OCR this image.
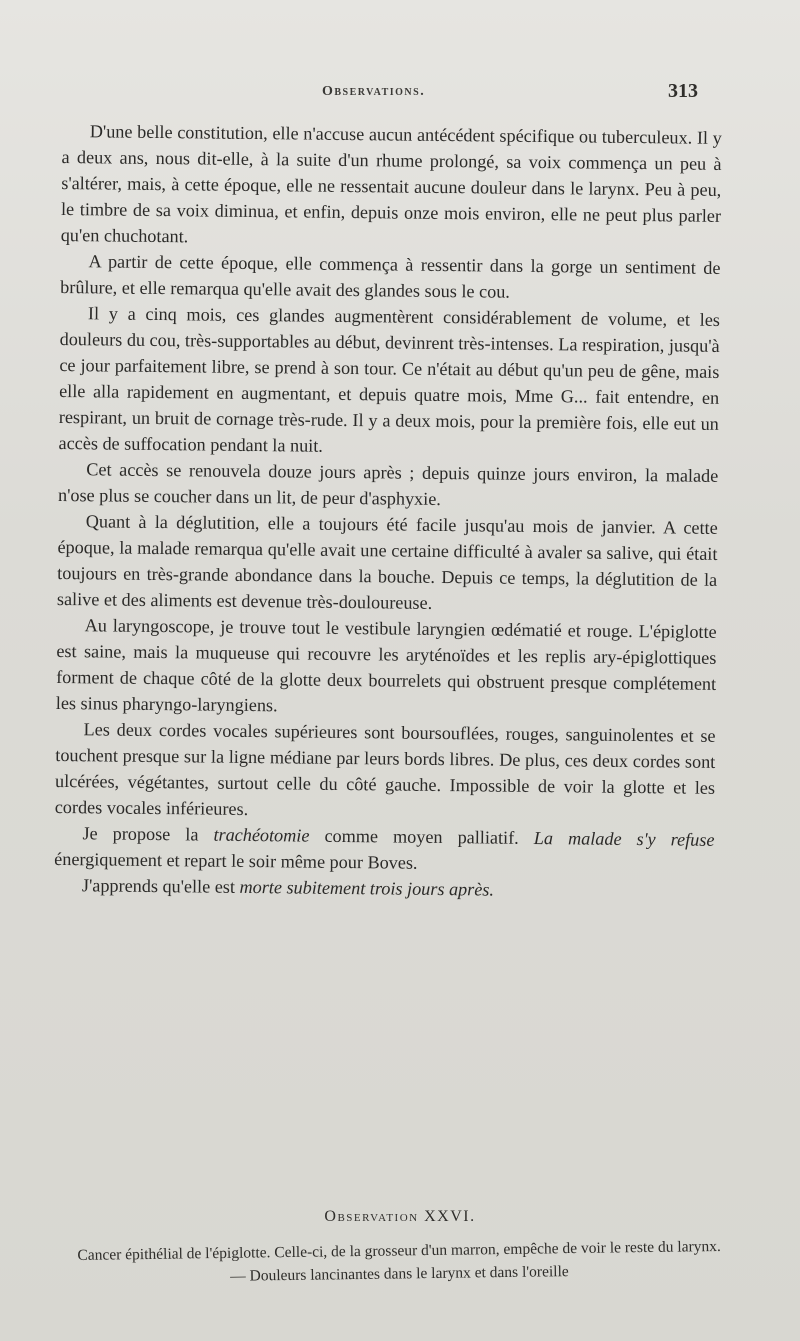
Observations.	313

D'une belle constitution, elle n'accuse aucun antécédent spécifique ou tuberculeux. Il y a deux ans, nous dit-elle, à la suite d'un rhume prolongé, sa voix commença un peu à s'altérer, mais, à cette époque, elle ne ressentait aucune douleur dans le larynx. Peu à peu, le timbre de sa voix diminua, et enfin, depuis onze mois environ, elle ne peut plus parler qu'en chuchotant.

A partir de cette époque, elle commença à ressentir dans la gorge un sentiment de brûlure, et elle remarqua qu'elle avait des glandes sous le cou.

Il y a cinq mois, ces glandes augmentèrent considérablement de volume, et les douleurs du cou, très-supportables au début, devinrent très-intenses. La respiration, jusqu'à ce jour parfaitement libre, se prend à son tour. Ce n'était au début qu'un peu de gêne, mais elle alla rapidement en augmentant, et depuis quatre mois, Mme G... fait entendre, en respirant, un bruit de cornage très-rude. Il y a deux mois, pour la première fois, elle eut un accès de suffocation pendant la nuit.

Cet accès se renouvela douze jours après ; depuis quinze jours environ, la malade n'ose plus se coucher dans un lit, de peur d'asphyxie.

Quant à la déglutition, elle a toujours été facile jusqu'au mois de janvier. A cette époque, la malade remarqua qu'elle avait une certaine difficulté à avaler sa salive, qui était toujours en très-grande abondance dans la bouche. Depuis ce temps, la déglutition de la salive et des aliments est devenue très-douloureuse.

Au laryngoscope, je trouve tout le vestibule laryngien œdématié et rouge. L'épiglotte est saine, mais la muqueuse qui recouvre les aryténoïdes et les replis ary-épiglottiques forment de chaque côté de la glotte deux bourrelets qui obstruent presque complétement les sinus pharyngo-laryngiens.

Les deux cordes vocales supérieures sont boursouflées, rouges, sanguinolentes et se touchent presque sur la ligne médiane par leurs bords libres. De plus, ces deux cordes sont ulcérées, végétantes, surtout celle du côté gauche. Impossible de voir la glotte et les cordes vocales inférieures.

Je propose la trachéotomie comme moyen palliatif. La malade s'y refuse énergiquement et repart le soir même pour Boves.

J'apprends qu'elle est morte subitement trois jours après.

Observation XXVI.
Cancer épithélial de l'épiglotte. Celle-ci, de la grosseur d'un marron, empêche de voir le reste du larynx.— Douleurs lancinantes dans le larynx et dans l'oreille
